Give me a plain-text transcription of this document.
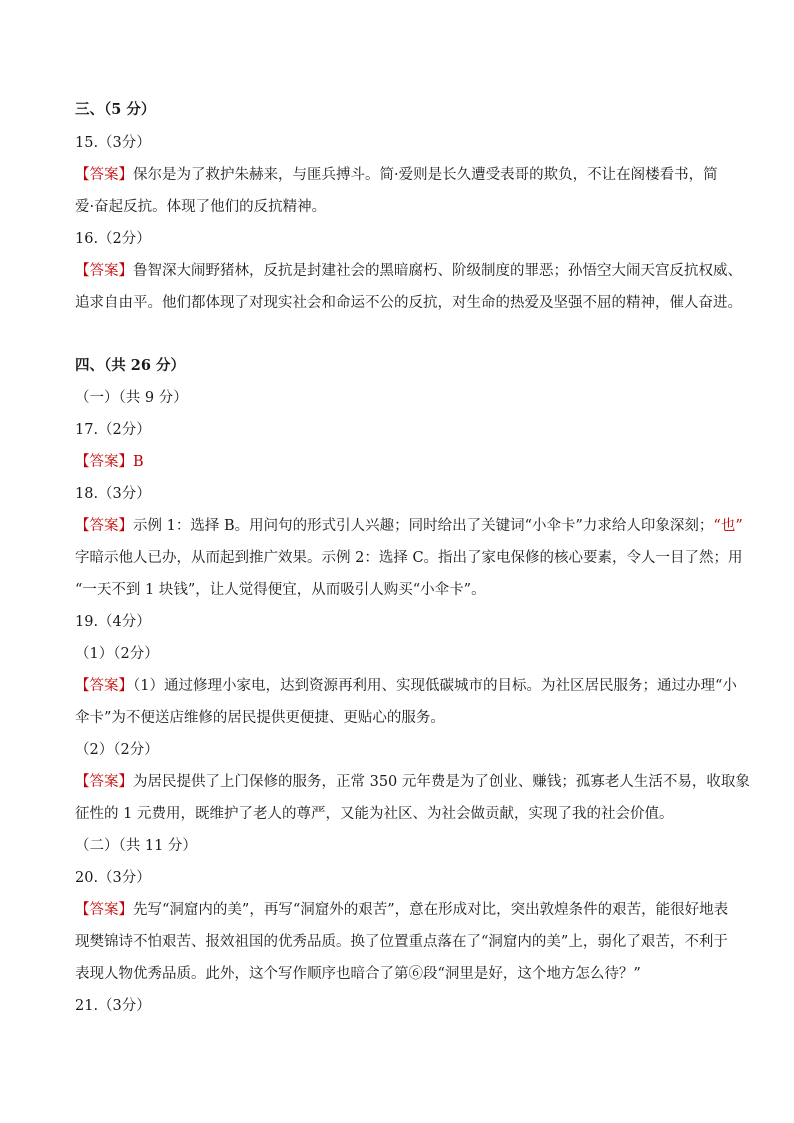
三、（5 分）
15.（3分）
【答案】保尔是为了救护朱赫来，与匪兵搏斗。简·爱则是长久遭受表哥的欺负，不让在阁楼看书，简
爱·奋起反抗。体现了他们的反抗精神。
16.（2分）
【答案】鲁智深大闹野猪林，反抗是封建社会的黑暗腐朽、阶级制度的罪恶；孙悟空大闹天宫反抗权威、
追求自由平。他们都体现了对现实社会和命运不公的反抗，对生命的热爱及坚强不屈的精神，催人奋进。
四、（共 26 分）
（一）（共 9 分）
17.（2分）
【答案】B
18.（3分）
【答案】示例 1：选择 B。用问句的形式引人兴趣；同时给出了关键词“小伞卡”力求给人印象深刻；“也”
字暗示他人已办，从而起到推广效果。示例 2：选择 C。指出了家电保修的核心要素，令人一目了然；用
“一天不到 1 块钱”，让人觉得便宜，从而吸引人购买“小伞卡”。
19.（4分）
（1）（2分）
【答案】（1）通过修理小家电，达到资源再利用、实现低碳城市的目标。为社区居民服务；通过办理“小
伞卡”为不便送店维修的居民提供更便捷、更贴心的服务。
（2）（2分）
【答案】为居民提供了上门保修的服务，正常 350 元年费是为了创业、赚钱；孤寡老人生活不易，收取象
征性的 1 元费用，既维护了老人的尊严，又能为社区、为社会做贡献，实现了我的社会价值。
（二）（共 11 分）
20.（3分）
【答案】先写“洞窟内的美”，再写“洞窟外的艰苦”，意在形成对比，突出敦煌条件的艰苦，能很好地表
现樊锦诗不怕艰苦、报效祖国的优秀品质。换了位置重点落在了“洞窟内的美”上，弱化了艰苦，不利于
表现人物优秀品质。此外，这个写作顺序也暗合了第⑥段“洞里是好，这个地方怎么待？”
21.（3分）
